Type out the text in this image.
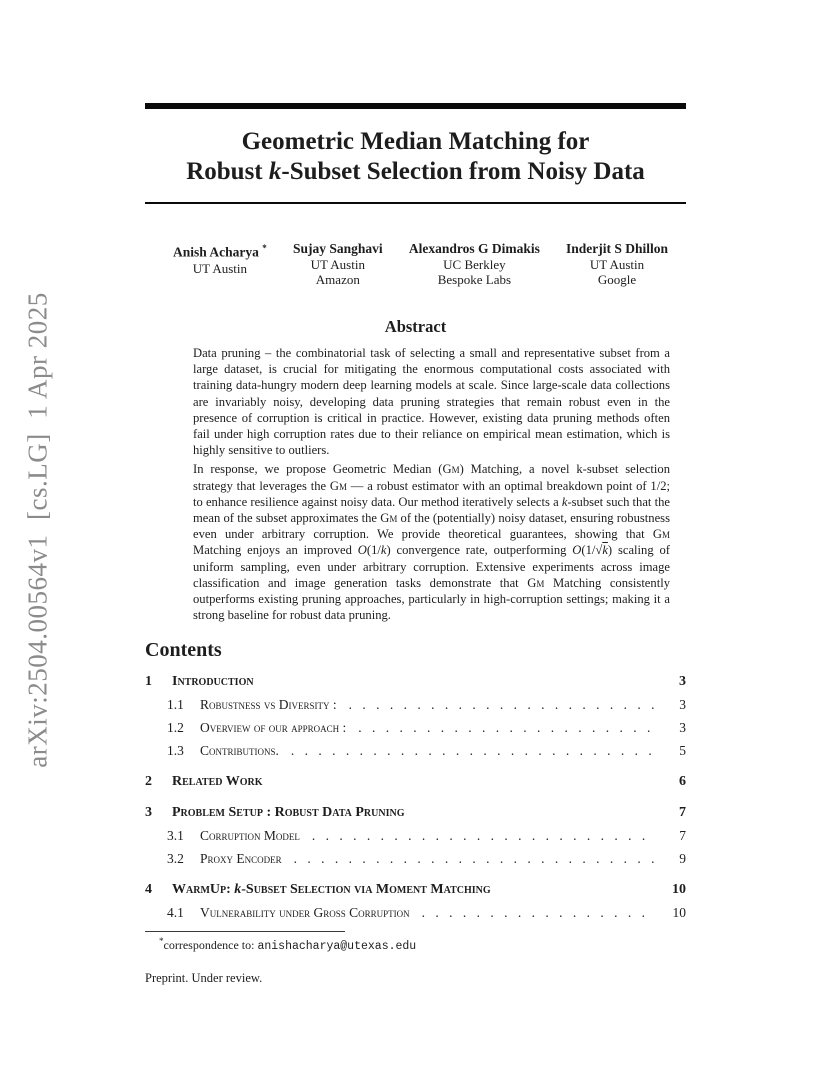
arXiv:2504.00564v1  [cs.LG]  1 Apr 2025
Geometric Median Matching for
Robust k-Subset Selection from Noisy Data
Anish Acharya *
UT Austin
Sujay Sanghavi
UT Austin
Amazon
Alexandros G Dimakis
UC Berkley
Bespoke Labs
Inderjit S Dhillon
UT Austin
Google
Abstract

Data pruning – the combinatorial task of selecting a small and representative subset from a large dataset, is crucial for mitigating the enormous computational costs associated with training data-hungry modern deep learning models at scale. Since large-scale data collections are invariably noisy, developing data pruning strategies that remain robust even in the presence of corruption is critical in practice. However, existing data pruning methods often fail under high corruption rates due to their reliance on empirical mean estimation, which is highly sensitive to outliers.

In response, we propose Geometric Median (Gm) Matching, a novel k-subset selection strategy that leverages the Gm — a robust estimator with an optimal breakdown point of 1/2; to enhance resilience against noisy data. Our method iteratively selects a k-subset such that the mean of the subset approximates the Gm of the (potentially) noisy dataset, ensuring robustness even under arbitrary corruption. We provide theoretical guarantees, showing that Gm Matching enjoys an improved O(1/k) convergence rate, outperforming O(1/√k) scaling of uniform sampling, even under arbitrary corruption. Extensive experiments across image classification and image generation tasks demonstrate that Gm Matching consistently outperforms existing pruning approaches, particularly in high-corruption settings; making it a strong baseline for robust data pruning.

Contents
1	Introduction	3
1.1	Robustness vs Diversity : . . .	3
1.2	Overview of our approach : . . .	3
1.3	Contributions. . . .	5
2	Related Work	6
3	Problem Setup : Robust Data Pruning	7
3.1	Corruption Model . . .	7
3.2	Proxy Encoder . . .	9
4	WarmUp: k-Subset Selection via Moment Matching	10
4.1	Vulnerability under Gross Corruption . . .	10
*correspondence to: anishacharya@utexas.edu
Preprint. Under review.
